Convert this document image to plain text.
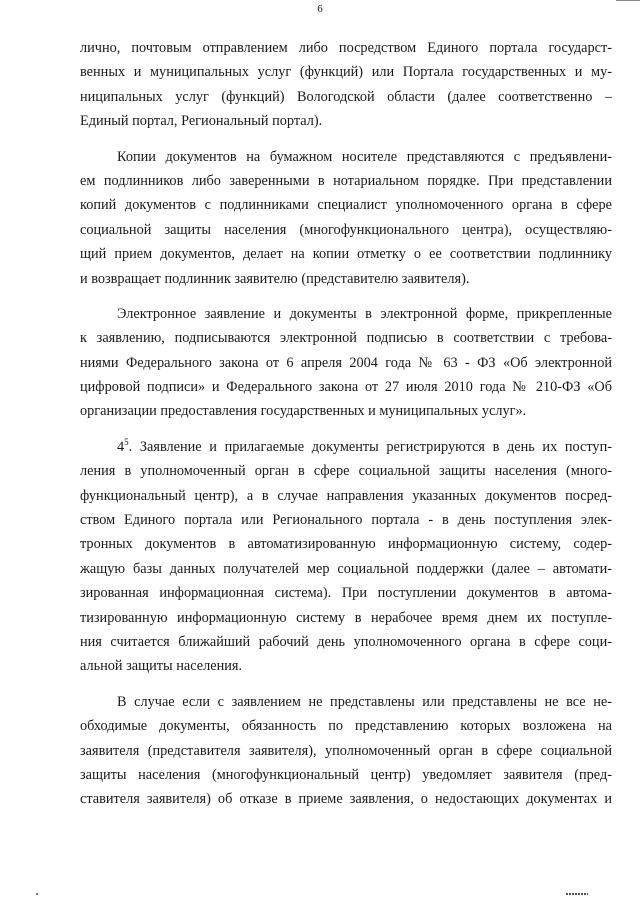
6
лично, почтовым отправлением либо посредством Единого портала государст-
венных и муниципальных услуг (функций) или Портала государственных и му-
ниципальных услуг (функций) Вологодской области (далее соответственно –
Единый портал, Региональный портал).
Копии документов на бумажном носителе представляются с предъявлени-
ем подлинников либо заверенными в нотариальном порядке. При представлении
копий документов с подлинниками специалист уполномоченного органа в сфере
социальной защиты населения (многофункционального центра), осуществляю-
щий прием документов, делает на копии отметку о ее соответствии подлиннику
и возвращает подлинник заявителю (представителю заявителя).
Электронное заявление и документы в электронной форме, прикрепленные
к заявлению, подписываются электронной подписью в соответствии с требова-
ниями Федерального закона от 6 апреля 2004 года № 63 - ФЗ «Об электронной
цифровой подписи» и Федерального закона от 27 июля 2010 года № 210-ФЗ «Об
организации предоставления государственных и муниципальных услуг».
$4^5$. Заявление и прилагаемые документы регистрируются в день их поступ-
ления в уполномоченный орган в сфере социальной защиты населения (много-
функциональный центр), а в случае направления указанных документов посред-
ством Единого портала или Регионального портала - в день поступления элек-
тронных документов в автоматизированную информационную систему, содер-
жащую базы данных получателей мер социальной поддержки (далее – автомати-
зированная информационная система). При поступлении документов в автома-
тизированную информационную систему в нерабочее время днем их поступле-
ния считается ближайший рабочий день уполномоченного органа в сфере соци-
альной защиты населения.
В случае если с заявлением не представлены или представлены не все не-
обходимые документы, обязанность по представлению которых возложена на
заявителя (представителя заявителя), уполномоченный орган в сфере социальной
защиты населения (многофункциональный центр) уведомляет заявителя (пред-
ставителя заявителя) об отказе в приеме заявления, о недостающих документах и
